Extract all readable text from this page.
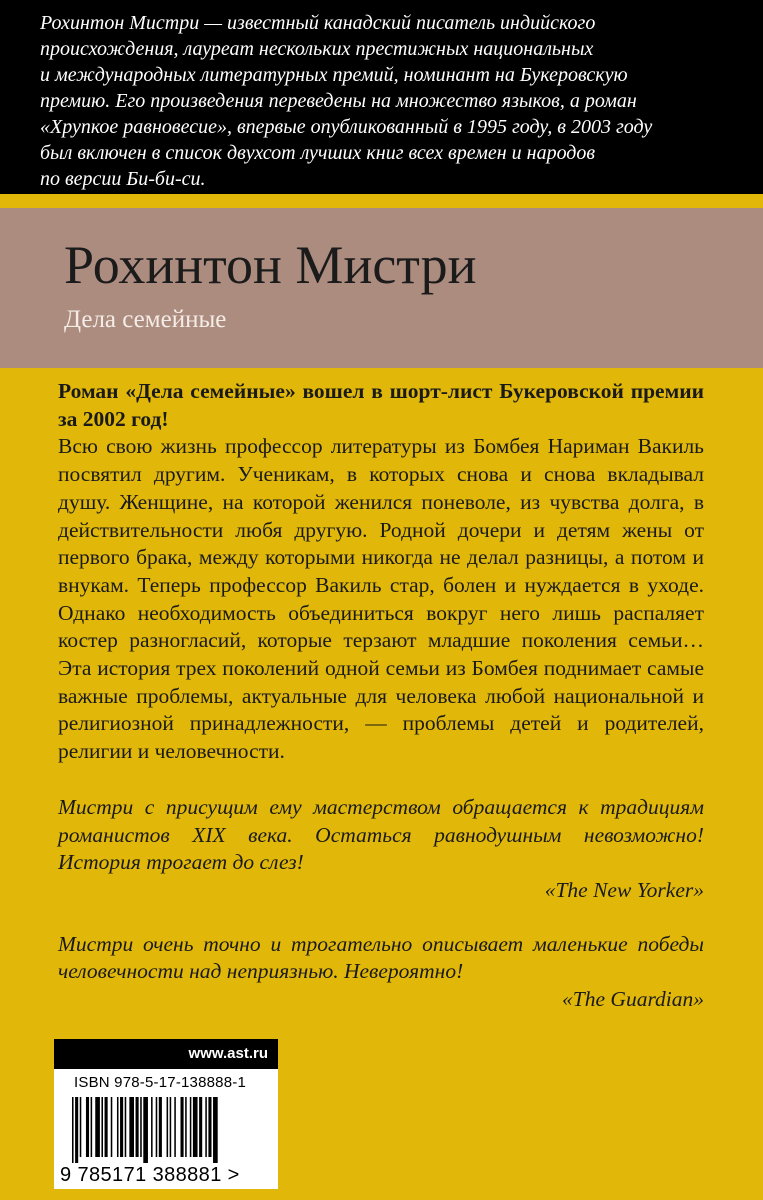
Рохинтон Мистри — известный канадский писатель индийского
происхождения, лауреат нескольких престижных национальных
и международных литературных премий, номинант на Букеровскую
премию. Его произведения переведены на множество языков, а роман
«Хрупкое равновесие», впервые опубликованный в 1995 году, в 2003 году
был включен в список двухсот лучших книг всех времен и народов
по версии Би-би-си.
Рохинтон Мистри
Дела семейные

Роман «Дела семейные» вошел в шорт-лист Букеровской премии за 2002 год!

Всю свою жизнь профессор литературы из Бомбея Нариман Вакиль посвятил другим. Ученикам, в которых снова и снова вкладывал душу. Женщине, на которой женился поневоле, из чувства долга, в действительности любя другую. Родной дочери и детям жены от первого брака, между которыми никогда не делал разницы, а потом и внукам. Теперь профессор Вакиль стар, болен и нуждается в уходе. Однако необходимость объединиться вокруг него лишь распаляет костер разногласий, которые терзают младшие поколения семьи… Эта история трех поколений одной семьи из Бомбея поднимает самые важные проблемы, актуальные для человека любой национальной и религиозной принадлежности, — проблемы детей и родителей, религии и человечности.

Мистри с присущим ему мастерством обращается к традициям романистов XIX века. Остаться равнодушным невозможно! История трогает до слез!

«The New Yorker»

Мистри очень точно и трогательно описывает маленькие победы человечности над неприязнью. Невероятно!

«The Guardian»

www.ast.ru
ISBN 978-5-17-138888-1
9 785171 388881 >
